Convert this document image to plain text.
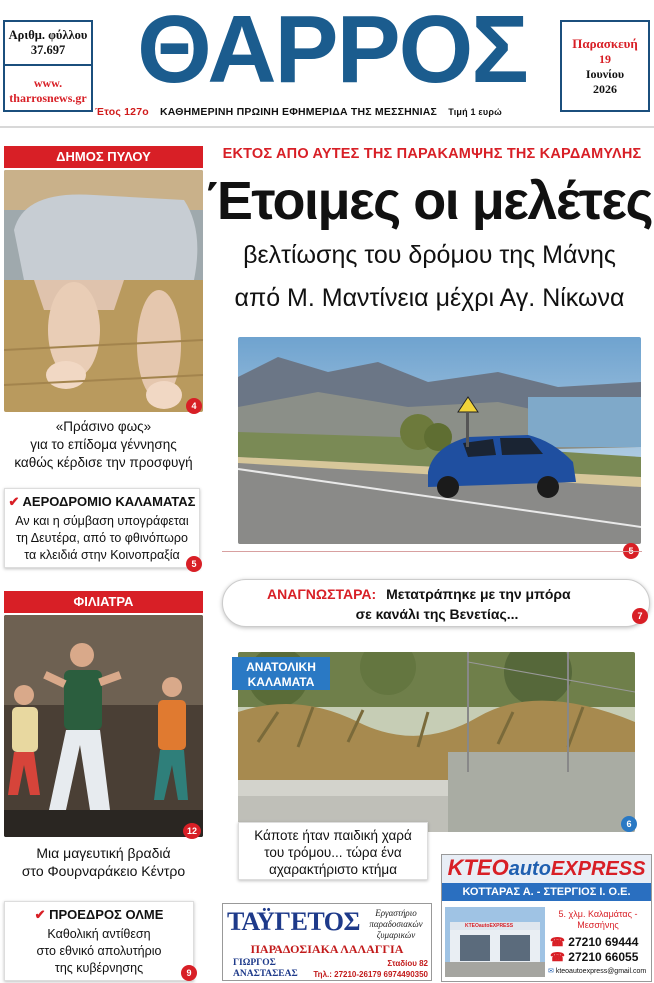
Αριθμ. φύλλου
37.697
www.
tharrosnews.gr ΘΑΡΡΟΣ
Έτος 127ο ΚΑΘΗΜΕΡΙΝΗ ΠΡΩΙΝΗ ΕΦΗΜΕΡΙΔΑ ΤΗΣ ΜΕΣΣΗΝΙΑΣ Τιμή 1 ευρώ
Παρασκευή
19
Ιουνίου
2026
ΔΗΜΟΣ ΠΥΛΟΥ
4
«Πράσινο φως»
για το επίδομα γέννησης
καθώς κέρδισε την προσφυγή
✔ ΑΕΡΟΔΡΟΜΙΟ ΚΑΛΑΜΑΤΑΣ
Αν και η σύμβαση υπογράφεται
τη Δευτέρα, από το φθινόπωρο
τα κλειδιά στην Κοινοπραξία
5
ΦΙΛΙΑΤΡΑ
12
Μια μαγευτική βραδιά
στο Φουρναράκειο Κέντρο
✔ ΠΡΟΕΔΡΟΣ ΟΛΜΕ
Καθολική αντίθεση
στο εθνικό απολυτήριο
της κυβέρνησης	9
ΕΚΤΟΣ ΑΠΟ ΑΥΤΕΣ ΤΗΣ ΠΑΡΑΚΑΜΨΗΣ ΤΗΣ ΚΑΡΔΑΜΥΛΗΣ
Έτοιμες οι μελέτες
βελτίωσης του δρόμου της Μάνης
από Μ. Μαντίνεια μέχρι Αγ. Νίκωνα
ΑΝΑΓΝΩΣΤΑΡΑ: Μετατράπηκε με την μπόρα
σε κανάλι της Βενετίας...	7
ΑΝΑΤΟΛΙΚΗ
ΚΑΛΑΜΑΤΑ
6
Κάποτε ήταν παιδική χαρά
του τρόμου... τώρα ένα
αχαρακτήριστο κτήμα
ΤΑΫΓΕΤΟΣ	Εργαστήριο
παραδοσιακών
ζυμαρικών
ΠΑΡΑΔΟΣΙΑΚΑ ΛΑΛΑΓΓΙΑ
ΓΙΩΡΓΟΣ
ΑΝΑΣΤΑΣΕΑΣ
Σταδίου 82
Τηλ.: 27210-26179 6974490350
ΚΤΕΟautoEXPRESS
ΚΟΤΤΑΡΑΣ Α. - ΣΤΕΡΓΙΟΣ Ι. Ο.Ε.
KTEOautoEXPRESS
5. χλμ. Καλαμάτας -
Μεσσήνης
☎ 27210 69444
☎ 27210 66055
✉ kteoautoexpress@gmail.com
